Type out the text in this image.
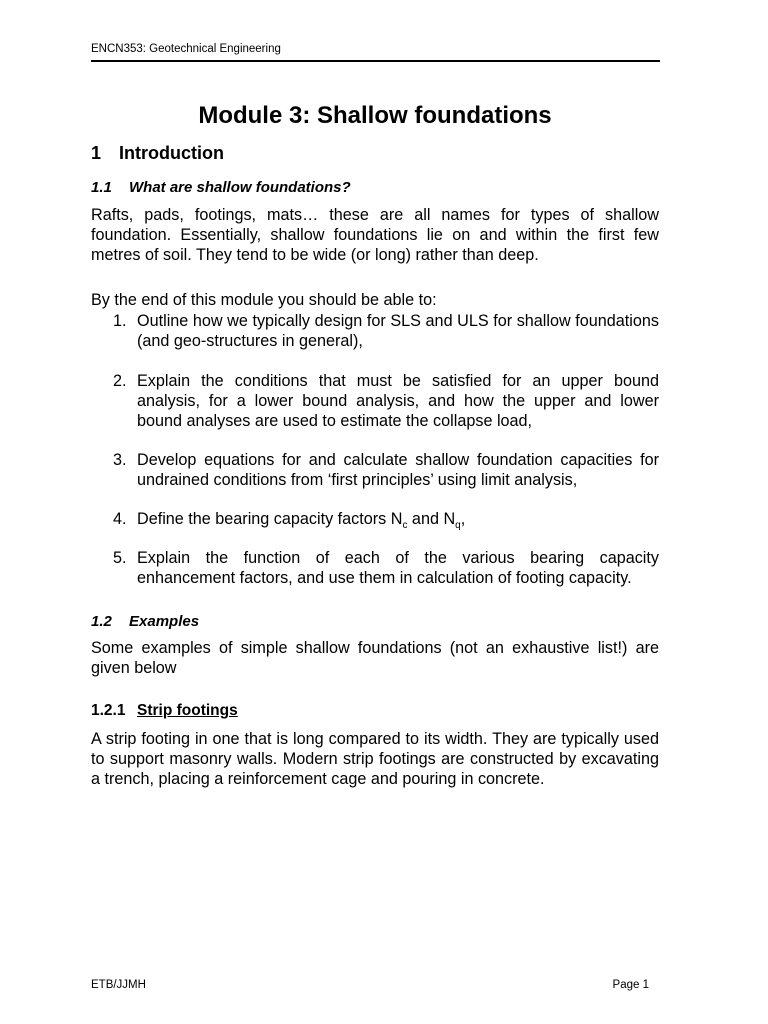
ENCN353: Geotechnical Engineering
Module 3: Shallow foundations
1 Introduction
1.1 What are shallow foundations?

Rafts, pads, footings, mats… these are all names for types of shallow foundation. Essentially, shallow foundations lie on and within the first few metres of soil. They tend to be wide (or long) rather than deep.

By the end of this module you should be able to:

1. Outline how we typically design for SLS and ULS for shallow foundations (and geo-structures in general),
2. Explain the conditions that must be satisfied for an upper bound analysis, for a lower bound analysis, and how the upper and lower bound analyses are used to estimate the collapse load,
3. Develop equations for and calculate shallow foundation capacities for undrained conditions from ‘first principles’ using limit analysis,
4. Define the bearing capacity factors $N_c$ and $N_q$,
5. Explain the function of each of the various bearing capacity enhancement factors, and use them in calculation of footing capacity.
1.2 Examples

Some examples of simple shallow foundations (not an exhaustive list!) are given below

1.2.1 Strip footings

A strip footing in one that is long compared to its width. They are typically used to support masonry walls. Modern strip footings are constructed by excavating a trench, placing a reinforcement cage and pouring in concrete.

ETB/JJMH	Page 1
